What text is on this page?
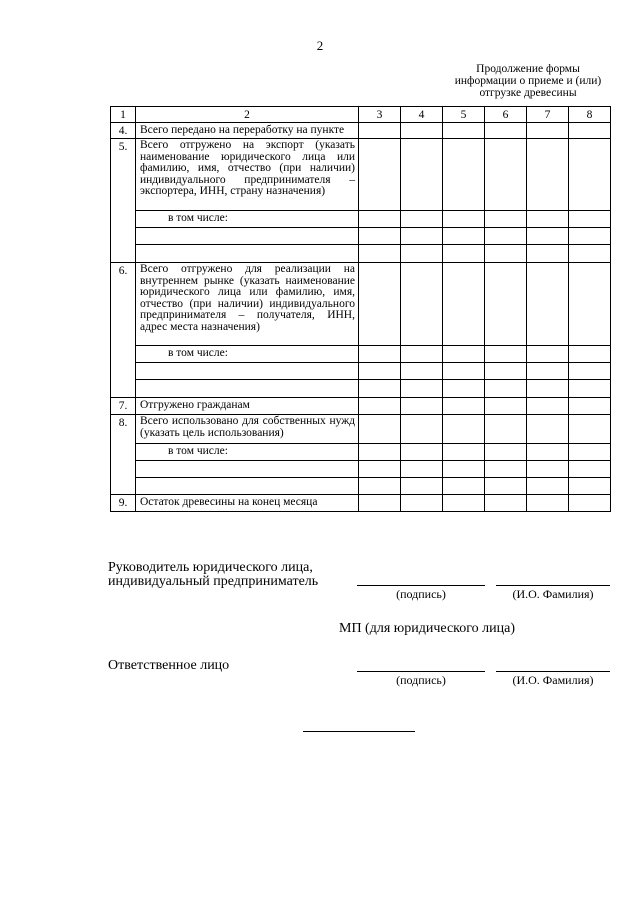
2
Продолжение формы
информации о приеме и (или)
отгрузке древесины
1	2	3	4	5	6	7	8
4.	Всего передано на переработку на пункте						

5.	Всего отгружено на экспорт (указать наименование юридического лица или фамилию, имя, отчество (при наличии) индивидуального предпринимателя – экспортера, ИНН, страну назначения)						
	в том числе:						

6.	Всего отгружено для реализации на внутреннем рынке (указать наименование юридического лица или фамилию, имя, отчество (при наличии) индивидуального предпринимателя – получателя, ИНН, адрес места назначения)						
	в том числе:						

7.	Отгружено гражданам						

8.	Всего использовано для собственных нужд (указать цель использования)						
	в том числе:						

9.	Остаток древесины на конец месяца						
Руководитель юридического лица,
индивидуальный предприниматель
(подпись)	(И.О. Фамилия)
МП (для юридического лица)
Ответственное лицо
(подпись)	(И.О. Фамилия)
